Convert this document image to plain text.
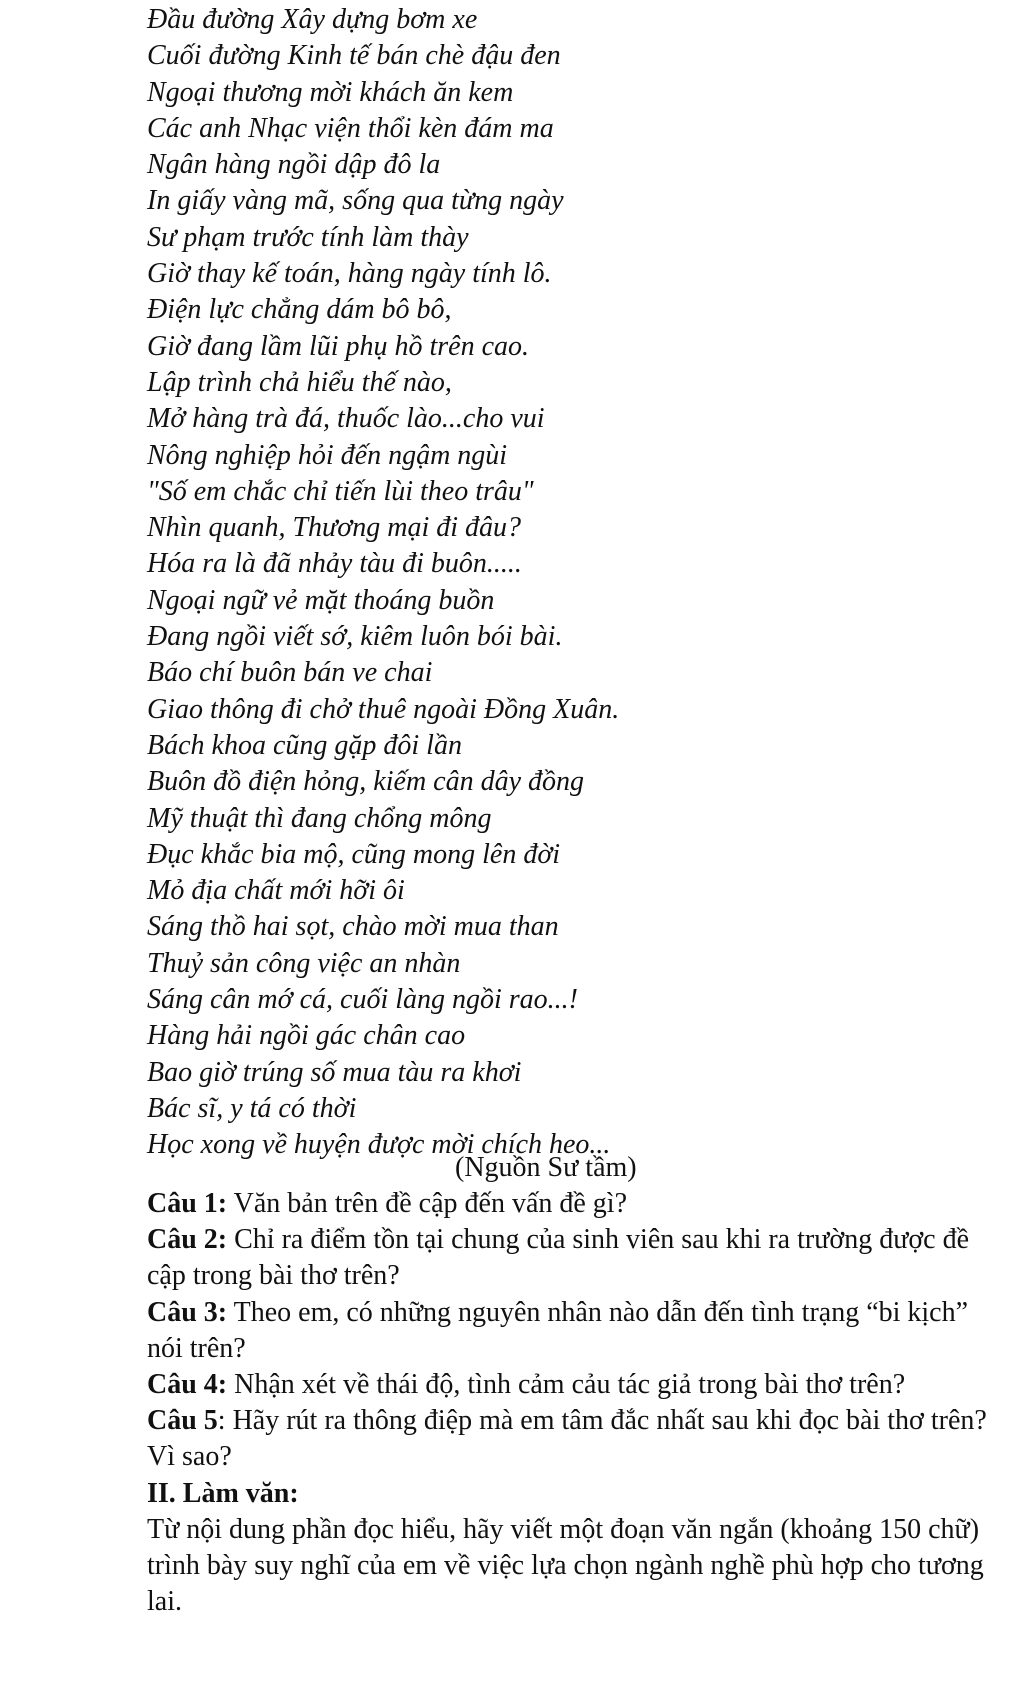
Đầu đường Xây dựng bơm xe
Cuối đường Kinh tế bán chè đậu đen
Ngoại thương mời khách ăn kem
Các anh Nhạc viện thổi kèn đám ma
Ngân hàng ngồi dập đô la
In giấy vàng mã, sống qua từng ngày
Sư phạm trước tính làm thày
Giờ thay kế toán, hàng ngày tính lô.
Điện lực chẳng dám bô bô,
Giờ đang lầm lũi phụ hồ trên cao.
Lập trình chả hiểu thế nào,
Mở hàng trà đá, thuốc lào...cho vui
Nông nghiệp hỏi đến ngậm ngùi
"Số em chắc chỉ tiến lùi theo trâu"
Nhìn quanh, Thương mại đi đâu?
Hóa ra là đã nhảy tàu đi buôn.....
Ngoại ngữ vẻ mặt thoáng buồn
Đang ngồi viết sớ, kiêm luôn bói bài.
Báo chí buôn bán ve chai
Giao thông đi chở thuê ngoài Đồng Xuân.
Bách khoa cũng gặp đôi lần
Buôn đồ điện hỏng, kiếm cân dây đồng
Mỹ thuật thì đang chổng mông
Đục khắc bia mộ, cũng mong lên đời
Mỏ địa chất mới hỡi ôi
Sáng thồ hai sọt, chào mời mua than
Thuỷ sản công việc an nhàn
Sáng cân mớ cá, cuối làng ngồi rao...!
Hàng hải ngồi gác chân cao
Bao giờ trúng số mua tàu ra khơi
Bác sĩ, y tá có thời
Học xong về huyện được mời chích heo...
(Nguồn Sư tầm)

Câu 1: Văn bản trên đề cập đến vấn đề gì?

Câu 2: Chỉ ra điểm tồn tại chung của sinh viên sau khi ra trường được đề cập trong bài thơ trên?

Câu 3: Theo em, có những nguyên nhân nào dẫn đến tình trạng “bi kịch” nói trên?

Câu 4: Nhận xét về thái độ, tình cảm cảu tác giả trong bài thơ trên?

Câu 5: Hãy rút ra thông điệp mà em tâm đắc nhất sau khi đọc bài thơ trên? Vì sao?

II. Làm văn:

Từ nội dung phần đọc hiểu, hãy viết một đoạn văn ngắn (khoảng 150 chữ) trình bày suy nghĩ của em về việc lựa chọn ngành nghề phù hợp cho tương lai.
